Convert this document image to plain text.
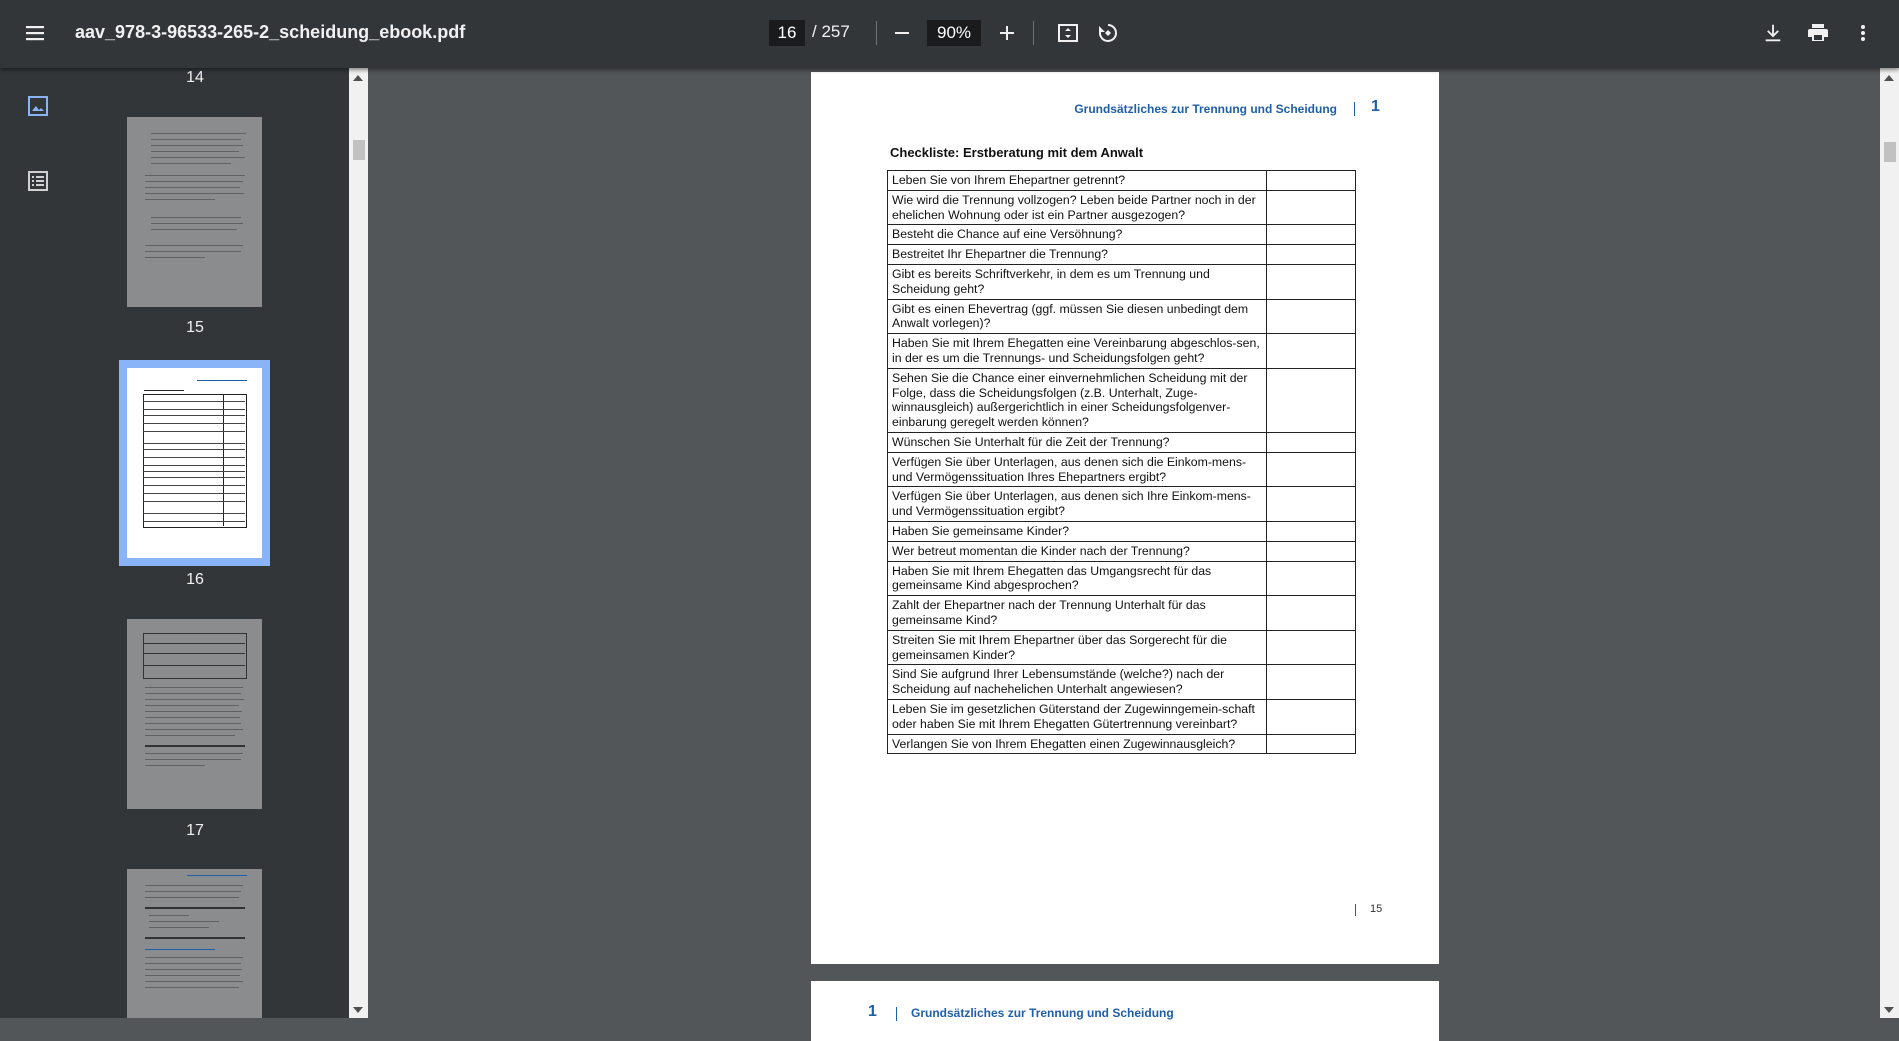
aav_978-3-96533-265-2_scheidung_ebook.pdf	16 / 257	90%
14
15
16
17
Grundsätzliches zur Trennung und Scheidung 1
Checkliste: Erstberatung mit dem Anwalt
Leben Sie von Ihrem Ehepartner getrennt?	
Wie wird die Trennung vollzogen? Leben beide Partner noch in der ehelichen Wohnung oder ist ein Partner ausgezogen?	
Besteht die Chance auf eine Versöhnung?	
Bestreitet Ihr Ehepartner die Trennung?	
Gibt es bereits Schriftverkehr, in dem es um Trennung und Scheidung geht?	
Gibt es einen Ehevertrag (ggf. müssen Sie diesen unbedingt dem Anwalt vorlegen)?	
Haben Sie mit Ihrem Ehegatten eine Vereinbarung abgeschlos-sen, in der es um die Trennungs- und Scheidungsfolgen geht?	
Sehen Sie die Chance einer einvernehmlichen Scheidung mit der Folge, dass die Scheidungsfolgen (z.B. Unterhalt, Zuge-winnausgleich) außergerichtlich in einer Scheidungsfolgenver-einbarung geregelt werden können?	
Wünschen Sie Unterhalt für die Zeit der Trennung?	
Verfügen Sie über Unterlagen, aus denen sich die Einkom-mens- und Vermögenssituation Ihres Ehepartners ergibt?	
Verfügen Sie über Unterlagen, aus denen sich Ihre Einkom-mens- und Vermögenssituation ergibt?	
Haben Sie gemeinsame Kinder?	
Wer betreut momentan die Kinder nach der Trennung?	
Haben Sie mit Ihrem Ehegatten das Umgangsrecht für das gemeinsame Kind abgesprochen?	
Zahlt der Ehepartner nach der Trennung Unterhalt für das gemeinsame Kind?	
Streiten Sie mit Ihrem Ehepartner über das Sorgerecht für die gemeinsamen Kinder?	
Sind Sie aufgrund Ihrer Lebensumstände (welche?) nach der Scheidung auf nachehelichen Unterhalt angewiesen?	
Leben Sie im gesetzlichen Güterstand der Zugewinngemein-schaft oder haben Sie mit Ihrem Ehegatten Gütertrennung vereinbart?	
Verlangen Sie von Ihrem Ehegatten einen Zugewinnausgleich?	
15
1	Grundsätzliches zur Trennung und Scheidung
